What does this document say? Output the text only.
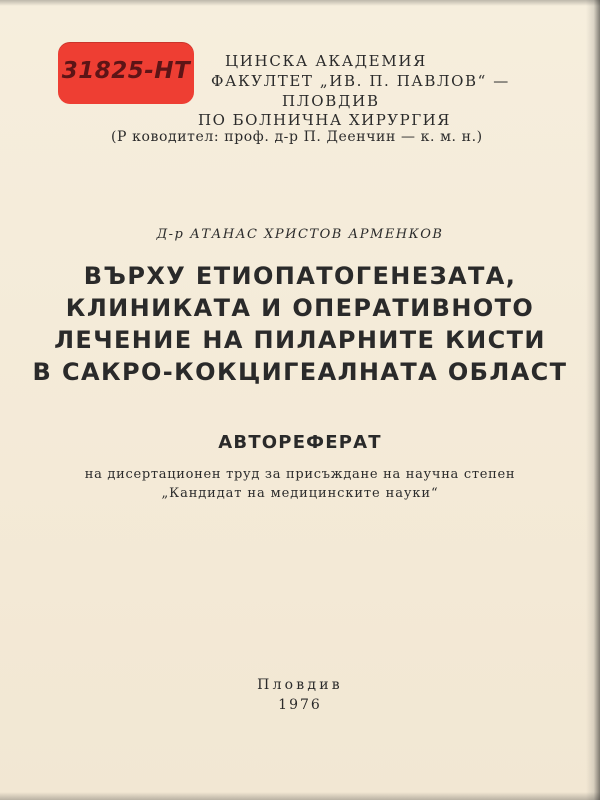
31825-НТ ЦИНСКА АКАДЕМИЯ
ФАКУЛТЕТ „ИВ. П. ПАВЛОВ“ —
ПЛОВДИВ
ПО БОЛНИЧНА ХИРУРГИЯ
(Р ководител: проф. д-р П. Деенчин — к. м. н.)
Д-р АТАНАС ХРИСТОВ АРМЕНКОВ
ВЪРХУ ЕТИОПАТОГЕНЕЗАТА,
КЛИНИКАТА И ОПЕРАТИВНОТО
ЛЕЧЕНИЕ НА ПИЛАРНИТЕ КИСТИ
В САКРО-КОКЦИГЕАЛНАТА ОБЛАСТ
АВТОРЕФЕРАТ
на дисертационен труд за присъждане на научна степен
„Кандидат на медицинските науки“
Пловдив
1976
